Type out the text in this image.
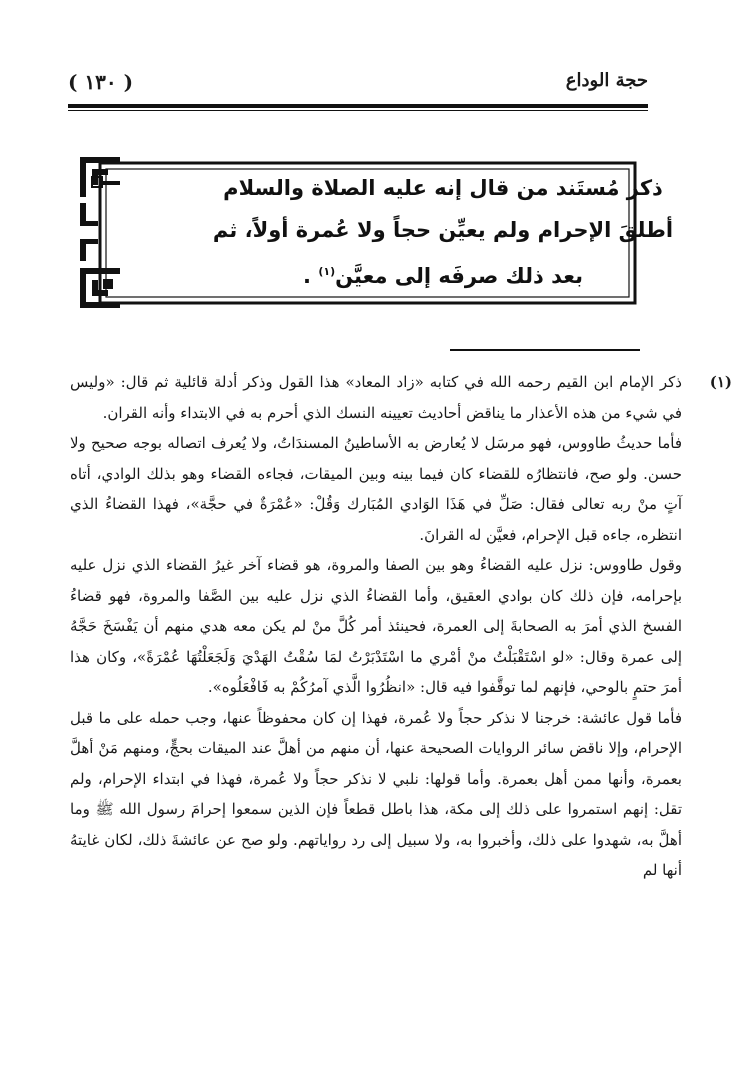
حجة الوداع
( ١٣٠ )
ذكر مُستَند من قال إنه عليه الصلاة والسلام
أطلقَ الإحرام ولم يعيِّن حجاً ولا عُمرة أولاً، ثم
بعد ذلك صرفَه إلى معيَّن$^{(١)}$ .
(١)

ذكر الإمام ابن القيم رحمه الله في كتابه «زاد المعاد» هذا القول وذكر أدلة قائلية ثم قال: «وليس في شيء من هذه الأعذار ما يناقض أحاديث تعيينه النسك الذي أحرم به في الابتداء وأنه القران.

فأما حديثُ طاووس، فهو مرسَل لا يُعارض به الأساطينُ المسندَاتُ، ولا يُعرف اتصاله بوجه صحيح ولا حسن. ولو صح، فانتظارُه للقضاء كان فيما بينه وبين الميقات، فجاءه القضاء وهو بذلك الوادي، أتاه آتٍ منْ ربه تعالى فقال: صَلِّ في هَذَا الوَادي المُبَارك وَقُلْ: «عُمْرَةٌ في حجَّة»، فهذا القضاءُ الذي انتظره، جاءه قبل الإحرام، فعيَّن له القرانَ.

وقول طاووس: نزل عليه القضاءُ وهو بين الصفا والمروة، هو قضاء آخر غيرُ القضاء الذي نزل عليه بإحرامه، فإن ذلك كان بوادي العقيق، وأما القضاءُ الذي نزل عليه بين الصَّفا والمروة، فهو قضاءُ الفسخ الذي أمرَ به الصحابةَ إلى العمرة، فحينئذ أمر كُلَّ منْ لم يكن معه هدي منهم أن يَفْسَخَ حَجَّهُ إلى عمرة وقال: «لو اسْتَقْبَلْتُ منْ أمْري ما اسْتَدْبَرْتُ لمَا سُقْتُ الهَدْيَ وَلَجَعَلْتُهَا عُمْرَةً»، وكان هذا أمرَ حتمٍ بالوحي، فإنهم لما توقَّفوا فيه قال: «انظُرُوا الَّذي آمرُكُمْ به فَافْعَلُوه».

فأما قول عائشة: خرجنا لا نذكر حجاً ولا عُمرة، فهذا إن كان محفوظاً عنها، وجب حمله على ما قبل الإحرام، وإلا ناقض سائر الروايات الصحيحة عنها، أن منهم من أهلَّ عند الميقات بحجٍّ، ومنهم مَنْ أهلَّ بعمرة، وأنها ممن أهل بعمرة. وأما قولها: نلبي لا نذكر حجاً ولا عُمرة، فهذا في ابتداء الإحرام، ولم تقل: إنهم استمروا على ذلك إلى مكة، هذا باطل قطعاً فإن الذين سمعوا إحرامَ رسول الله ﷺ وما أهلَّ به، شهدوا على ذلك، وأخبروا به، ولا سبيل إلى رد رواياتهم. ولو صح عن عائشةَ ذلك، لكان غايتهُ أنها لم
